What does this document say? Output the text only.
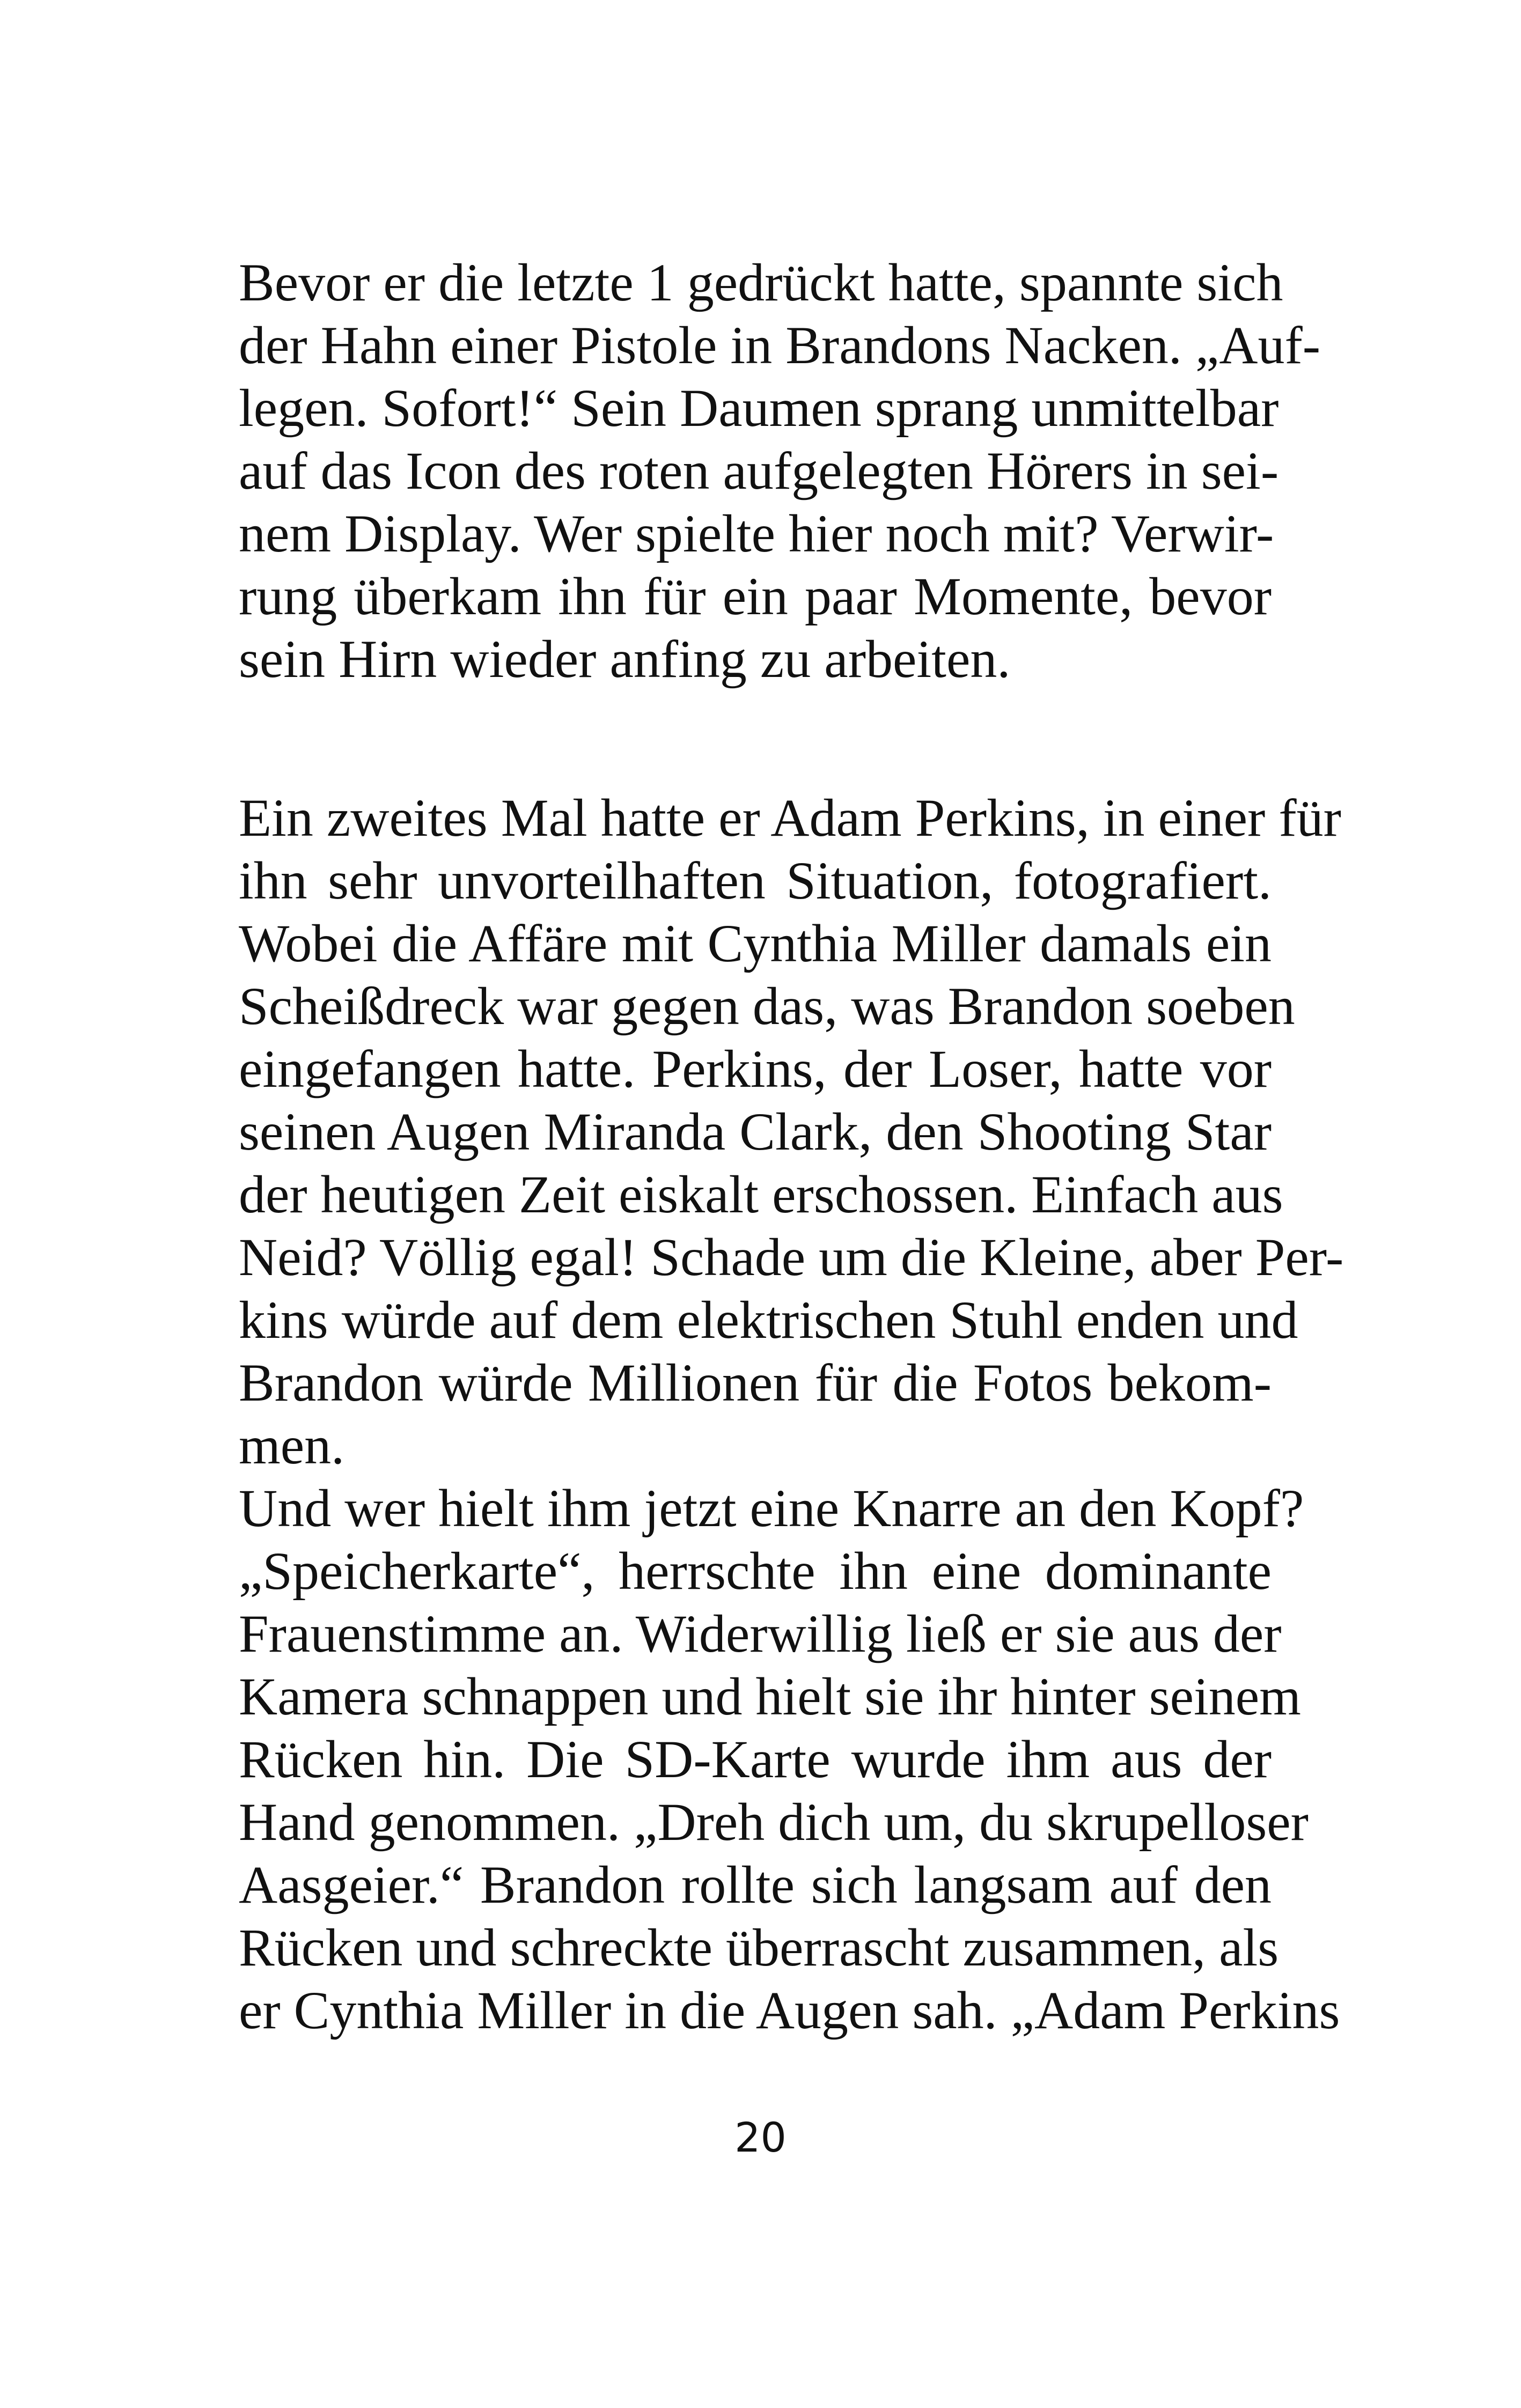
Bevor er die letzte 1 gedrückt hatte, spannte sich
der Hahn einer Pistole in Brandons Nacken. „Auf-
legen. Sofort!“ Sein Daumen sprang unmittelbar
auf das Icon des roten aufgelegten Hörers in sei-
nem Display. Wer spielte hier noch mit? Verwir-
rung überkam ihn für ein paar Momente, bevor
sein Hirn wieder anfing zu arbeiten.
Ein zweites Mal hatte er Adam Perkins, in einer für
ihn sehr unvorteilhaften Situation, fotografiert.
Wobei die Affäre mit Cynthia Miller damals ein
Scheißdreck war gegen das, was Brandon soeben
eingefangen hatte. Perkins, der Loser, hatte vor
seinen Augen Miranda Clark, den Shooting Star
der heutigen Zeit eiskalt erschossen. Einfach aus
Neid? Völlig egal! Schade um die Kleine, aber Per-
kins würde auf dem elektrischen Stuhl enden und
Brandon würde Millionen für die Fotos bekom-
men.
Und wer hielt ihm jetzt eine Knarre an den Kopf?
„Speicherkarte“, herrschte ihn eine dominante
Frauenstimme an. Widerwillig ließ er sie aus der
Kamera schnappen und hielt sie ihr hinter seinem
Rücken hin. Die SD-Karte wurde ihm aus der
Hand genommen. „Dreh dich um, du skrupelloser
Aasgeier.“ Brandon rollte sich langsam auf den
Rücken und schreckte überrascht zusammen, als
er Cynthia Miller in die Augen sah. „Adam Perkins
20
